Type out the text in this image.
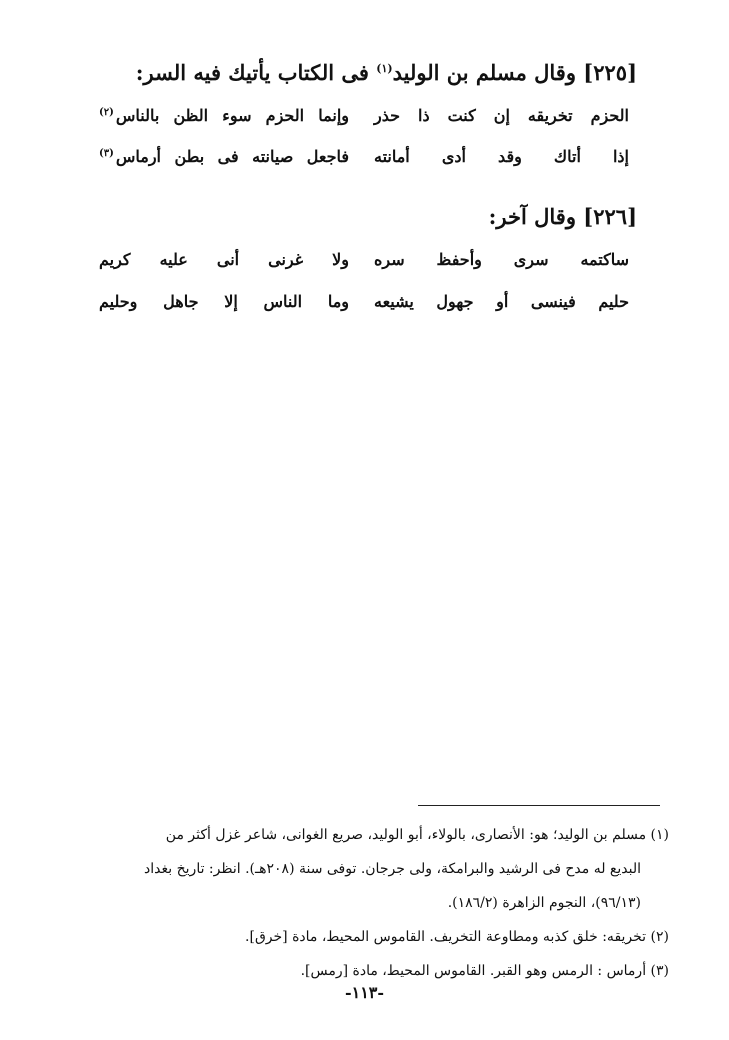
[٢٢٥] وقال مسلم بن الوليد$^{(١)}$ فى الكتاب يأتيك فيه السر:
الحزم تخريقه إن كنت ذا حذر
وإنما الحزم سوء الظن بالناس$^{(٢)}$
إذا أتاك وقد أدى أمانته
فاجعل صيانته فى بطن أرماس$^{(٣)}$
[٢٢٦] وقال آخر:
ساكتمه سرى وأحفظ سره
ولا غرنى أنى عليه كريم
حليم فينسى أو جهول يشيعه
وما الناس إلا جاهل وحليم

(١) مسلم بن الوليد؛ هو: الأنصارى، بالولاء، أبو الوليد، صريع الغوانى، شاعر غزل أكثر من

البديع له مدح فى الرشيد والبرامكة، ولى جرجان. توفى سنة (٢٠٨هـ). انظر: تاريخ بغداد

(٩٦/١٣)، النجوم الزاهرة (١٨٦/٢).

(٢) تخريقه: خلق كذبه ومطاوعة التخريف. القاموس المحيط، مادة [خرق].

(٣) أرماس : الرمس وهو القبر. القاموس المحيط، مادة [رمس].

-١١٣-
